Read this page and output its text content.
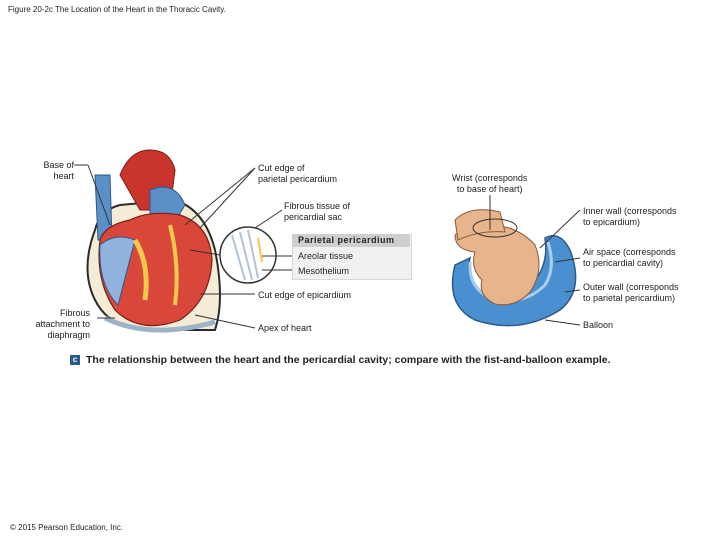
Figure 20-2c The Location of the Heart in the Thoracic Cavity.
Base of
heart
Cut edge of
parietal pericardium
Fibrous tissue of
pericardial sac
Parietal pericardium
Areolar tissue
Mesothelium
Cut edge of epicardium
Fibrous
attachment to
diaphragm
Apex of heart
Wrist (corresponds
to base of heart)
Inner wall (corresponds
to epicardium)
Air space (corresponds
to pericardial cavity)
Outer wall (corresponds
to parietal pericardium)
Balloon
c The relationship between the heart and the pericardial cavity; compare with the fist-and-balloon example.
© 2015 Pearson Education, Inc.
